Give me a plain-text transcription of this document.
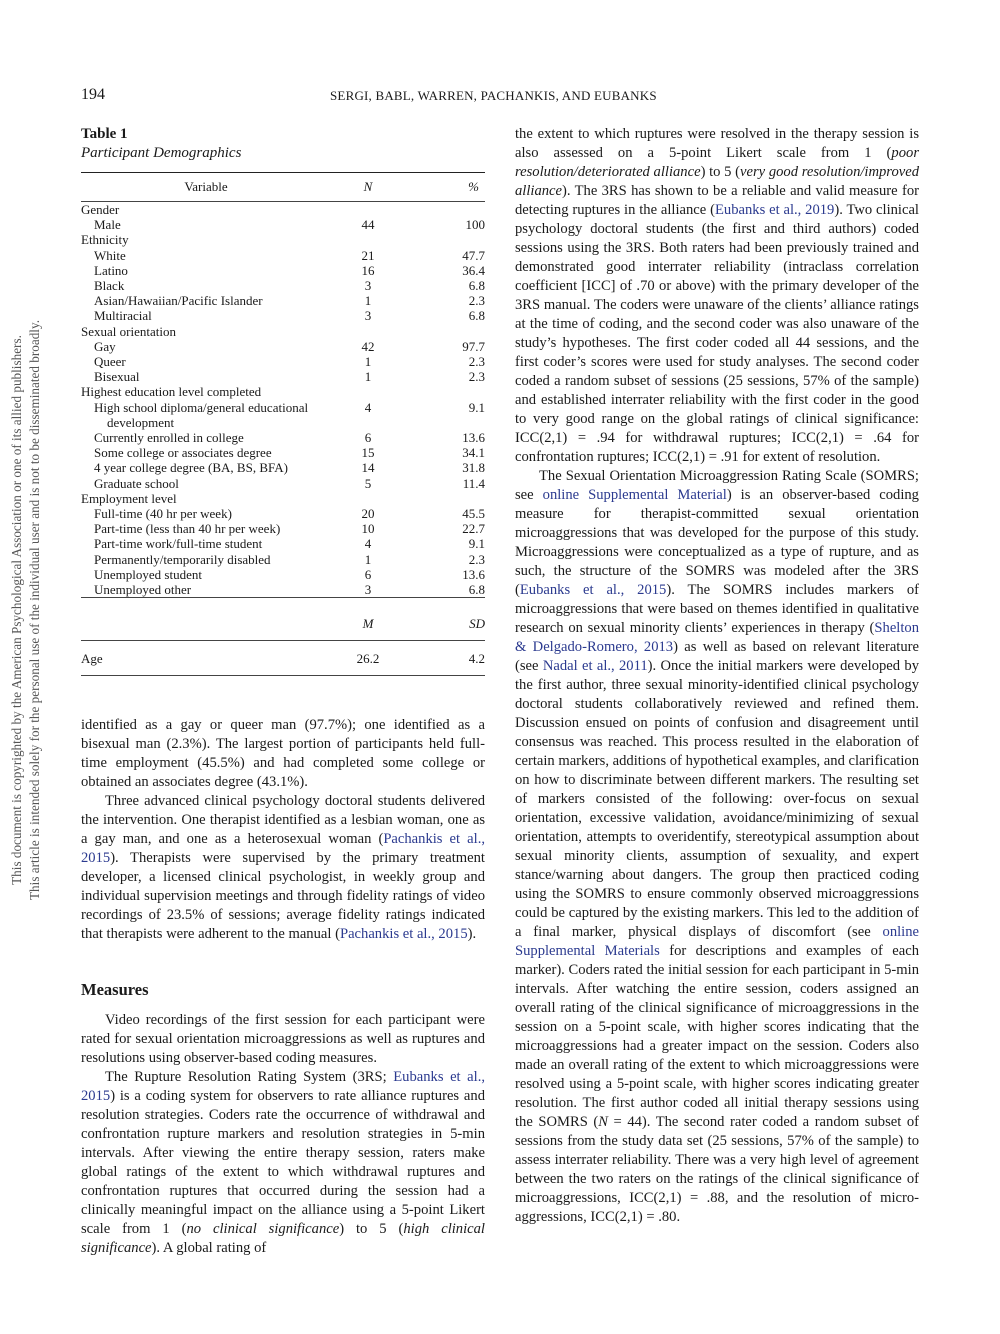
194	SERGI, BABL, WARREN, PACHANKIS, AND EUBANKS
This document is copyrighted by the American Psychological Association or one of its allied publishers. This article is intended solely for the personal use of the individual user and is not to be disseminated broadly.
Table 1
Participant Demographics
Variable	N	%
Gender		
Male	44	100
Ethnicity		
White	21	47.7
Latino	16	36.4
Black	3	6.8
Asian/Hawaiian/Pacific Islander	1	2.3
Multiracial	3	6.8
Sexual orientation		
Gay	42	97.7
Queer	1	2.3
Bisexual	1	2.3
Highest education level completed		
High school diploma/general educational
development	4	9.1
Currently enrolled in college	6	13.6
Some college or associates degree	15	34.1
4 year college degree (BA, BS, BFA)	14	31.8
Graduate school	5	11.4
Employment level		
Full-time (40 hr per week)	20	45.5
Part-time (less than 40 hr per week)	10	22.7
Part-time work/full-time student	4	9.1
Permanently/temporarily disabled	1	2.3
Unemployed student	6	13.6
Unemployed other	3	6.8
	M	SD
Age	26.2	4.2

identified as a gay or queer man (97.7%); one identified as a bisexual man (2.3%). The largest portion of participants held full-time employment (45.5%) and had completed some college or obtained an associates degree (43.1%).

Three advanced clinical psychology doctoral students delivered the intervention. One therapist identified as a lesbian woman, one as a gay man, and one as a heterosexual woman (Pachankis et al., 2015). Therapists were supervised by the primary treatment developer, a licensed clinical psychologist, in weekly group and individual supervision meetings and through fidelity ratings of video recordings of 23.5% of sessions; average fidelity ratings indicated that therapists were adherent to the manual (Pachankis et al., 2015).

Measures

Video recordings of the first session for each participant were rated for sexual orientation microaggressions as well as ruptures and resolutions using observer-based coding measures.

The Rupture Resolution Rating System (3RS; Eubanks et al., 2015) is a coding system for observers to rate alliance ruptures and resolution strategies. Coders rate the occurrence of withdrawal and confrontation rupture markers and resolution strategies in 5-min intervals. After viewing the entire therapy session, raters make global ratings of the extent to which withdrawal ruptures and confrontation ruptures that occurred during the session had a clinically meaningful impact on the alliance using a 5-point Likert scale from 1 (no clinical significance) to 5 (high clinical significance). A global rating of

the extent to which ruptures were resolved in the therapy session is also assessed on a 5-point Likert scale from 1 (poor resolution/deteriorated alliance) to 5 (very good resolution/improved alliance). The 3RS has shown to be a reliable and valid measure for detecting ruptures in the alliance (Eubanks et al., 2019). Two clinical psychology doctoral students (the first and third authors) coded sessions using the 3RS. Both raters had been previously trained and demonstrated good interrater reliability (intraclass correlation coefficient [ICC] of .70 or above) with the primary developer of the 3RS manual. The coders were unaware of the clients’ alliance ratings at the time of coding, and the second coder was also unaware of the study’s hypotheses. The first coder coded all 44 sessions, and the first coder’s scores were used for study analyses. The second coder coded a random subset of sessions (25 sessions, 57% of the sample) and established interrater reliability with the first coder in the good to very good range on the global ratings of clinical significance: ICC(2,1) = .94 for withdrawal ruptures; ICC(2,1) = .64 for confrontation ruptures; ICC(2,1) = .91 for extent of resolution.

The Sexual Orientation Microaggression Rating Scale (SOMRS; see online Supplemental Material) is an observer-based coding measure for therapist-committed sexual orientation microaggressions that was developed for the purpose of this study. Microaggressions were conceptualized as a type of rupture, and as such, the structure of the SOMRS was modeled after the 3RS (Eubanks et al., 2015). The SOMRS includes markers of microaggressions that were based on themes identified in qualitative research on sexual minority clients’ experiences in therapy (Shelton & Delgado-Romero, 2013) as well as based on relevant literature (see Nadal et al., 2011). Once the initial markers were developed by the first author, three sexual minority-identified clinical psychology doctoral students collaboratively reviewed and refined them. Discussion ensued on points of confusion and disagreement until consensus was reached. This process resulted in the elaboration of certain markers, additions of hypothetical examples, and clarification on how to discriminate between different markers. The resulting set of markers consisted of the following: over-focus on sexual orientation, excessive validation, avoidance/minimizing of sexual orientation, attempts to overidentify, stereotypical assumption about sexual minority clients, assumption of sexuality, and expert stance/warning about dangers. The group then practiced coding using the SOMRS to ensure commonly observed microaggressions could be captured by the existing markers. This led to the addition of a final marker, physical displays of discomfort (see online Supplemental Materials for descriptions and examples of each marker). Coders rated the initial session for each participant in 5-min intervals. After watching the entire session, coders assigned an overall rating of the clinical significance of microaggressions in the session on a 5-point scale, with higher scores indicating that the microaggressions had a greater impact on the session. Coders also made an overall rating of the extent to which microaggressions were resolved using a 5-point scale, with higher scores indicating greater resolution. The first author coded all initial therapy sessions using the SOMRS (N = 44). The second rater coded a random subset of sessions from the study data set (25 sessions, 57% of the sample) to assess interrater reliability. There was a very high level of agreement between the two raters on the ratings of the clinical significance of microaggressions, ICC(2,1) = .88, and the resolution of micro-aggressions, ICC(2,1) = .80.
